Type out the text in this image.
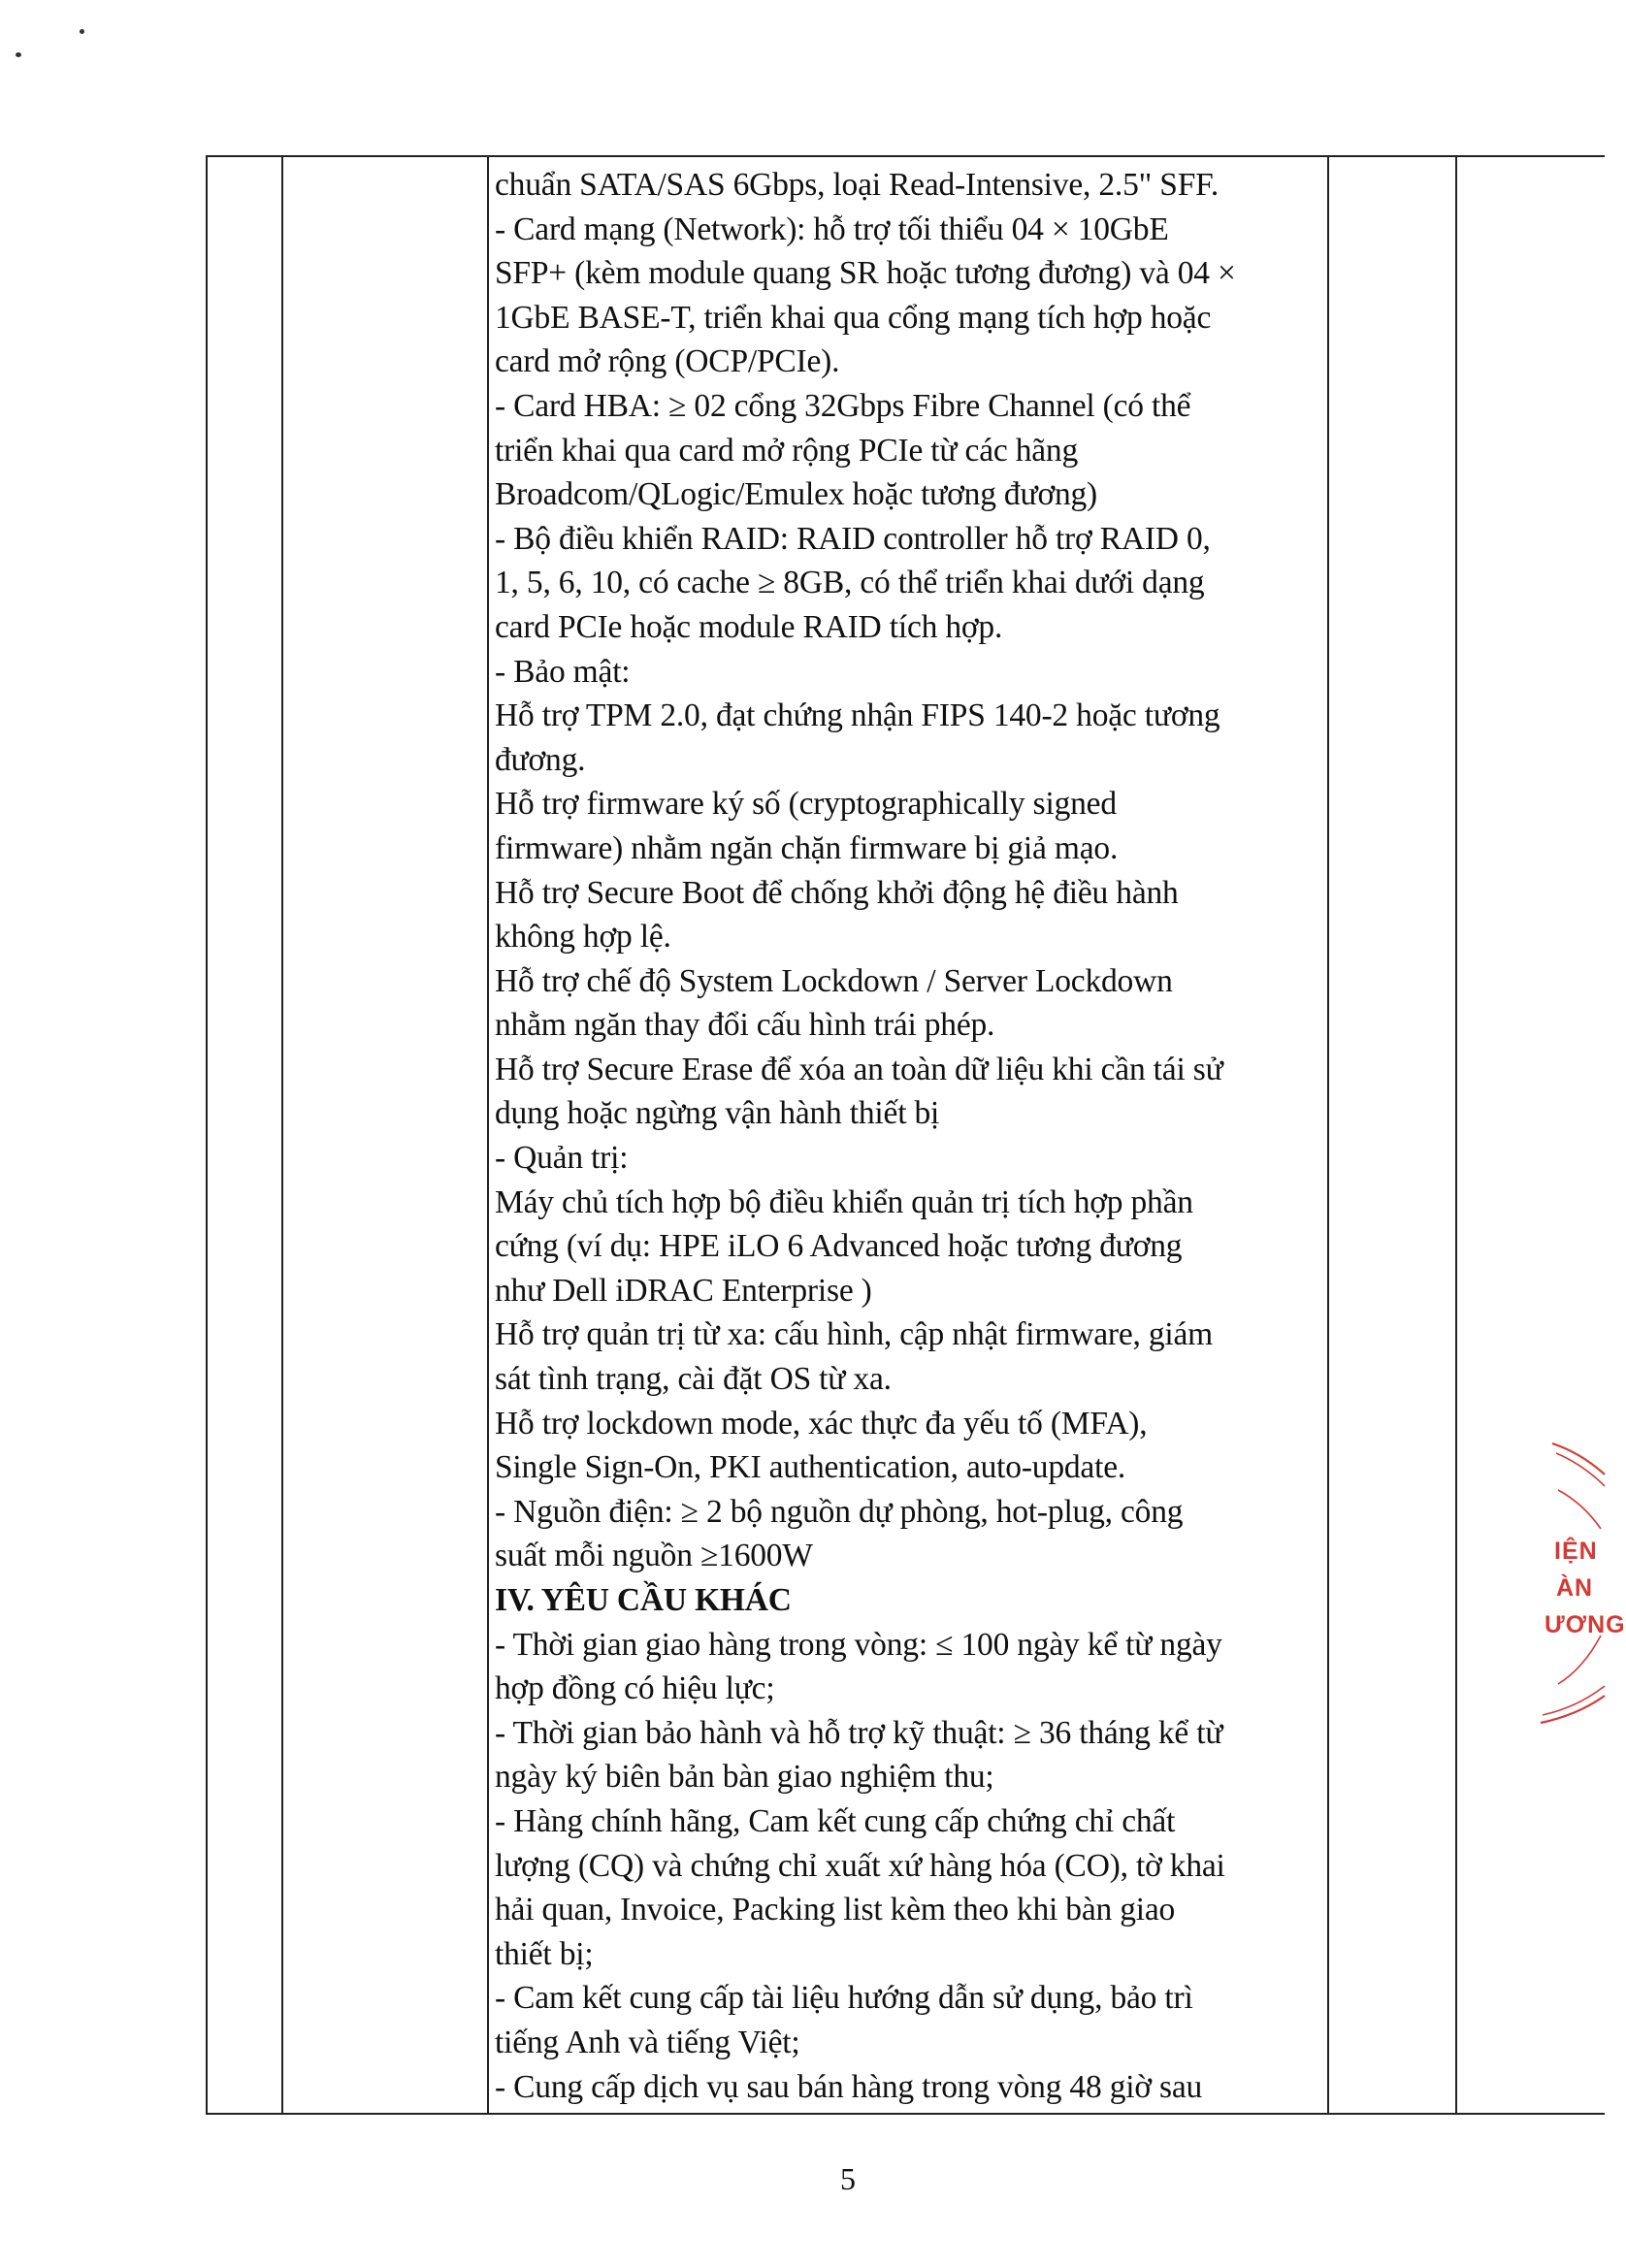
chuẩn SATA/SAS 6Gbps, loại Read-Intensive, 2.5" SFF.
- Card mạng (Network): hỗ trợ tối thiểu 04 × 10GbE
SFP+ (kèm module quang SR hoặc tương đương) và 04 ×
1GbE BASE-T, triển khai qua cổng mạng tích hợp hoặc
card mở rộng (OCP/PCIe).
- Card HBA: ≥ 02 cổng 32Gbps Fibre Channel (có thể
triển khai qua card mở rộng PCIe từ các hãng
Broadcom/QLogic/Emulex hoặc tương đương)
- Bộ điều khiển RAID: RAID controller hỗ trợ RAID 0,
1, 5, 6, 10, có cache ≥ 8GB, có thể triển khai dưới dạng
card PCIe hoặc module RAID tích hợp.
- Bảo mật:
Hỗ trợ TPM 2.0, đạt chứng nhận FIPS 140-2 hoặc tương
đương.
Hỗ trợ firmware ký số (cryptographically signed
firmware) nhằm ngăn chặn firmware bị giả mạo.
Hỗ trợ Secure Boot để chống khởi động hệ điều hành
không hợp lệ.
Hỗ trợ chế độ System Lockdown / Server Lockdown
nhằm ngăn thay đổi cấu hình trái phép.
Hỗ trợ Secure Erase để xóa an toàn dữ liệu khi cần tái sử
dụng hoặc ngừng vận hành thiết bị
- Quản trị:
Máy chủ tích hợp bộ điều khiển quản trị tích hợp phần
cứng (ví dụ: HPE iLO 6 Advanced hoặc tương đương
như Dell iDRAC Enterprise )
Hỗ trợ quản trị từ xa: cấu hình, cập nhật firmware, giám
sát tình trạng, cài đặt OS từ xa.
Hỗ trợ lockdown mode, xác thực đa yếu tố (MFA),
Single Sign-On, PKI authentication, auto-update.
- Nguồn điện: ≥ 2 bộ nguồn dự phòng, hot-plug, công
suất mỗi nguồn ≥1600W
IV. YÊU CẦU KHÁC
- Thời gian giao hàng trong vòng: ≤ 100 ngày kể từ ngày
hợp đồng có hiệu lực;
- Thời gian bảo hành và hỗ trợ kỹ thuật: ≥ 36 tháng kể từ
ngày ký biên bản bàn giao nghiệm thu;
- Hàng chính hãng, Cam kết cung cấp chứng chỉ chất
lượng (CQ) và chứng chỉ xuất xứ hàng hóa (CO), tờ khai
hải quan, Invoice, Packing list kèm theo khi bàn giao
thiết bị;
- Cam kết cung cấp tài liệu hướng dẫn sử dụng, bảo trì
tiếng Anh và tiếng Việt;
- Cung cấp dịch vụ sau bán hàng trong vòng 48 giờ sau
5
IỆN
ÀN
ƯƠNG
